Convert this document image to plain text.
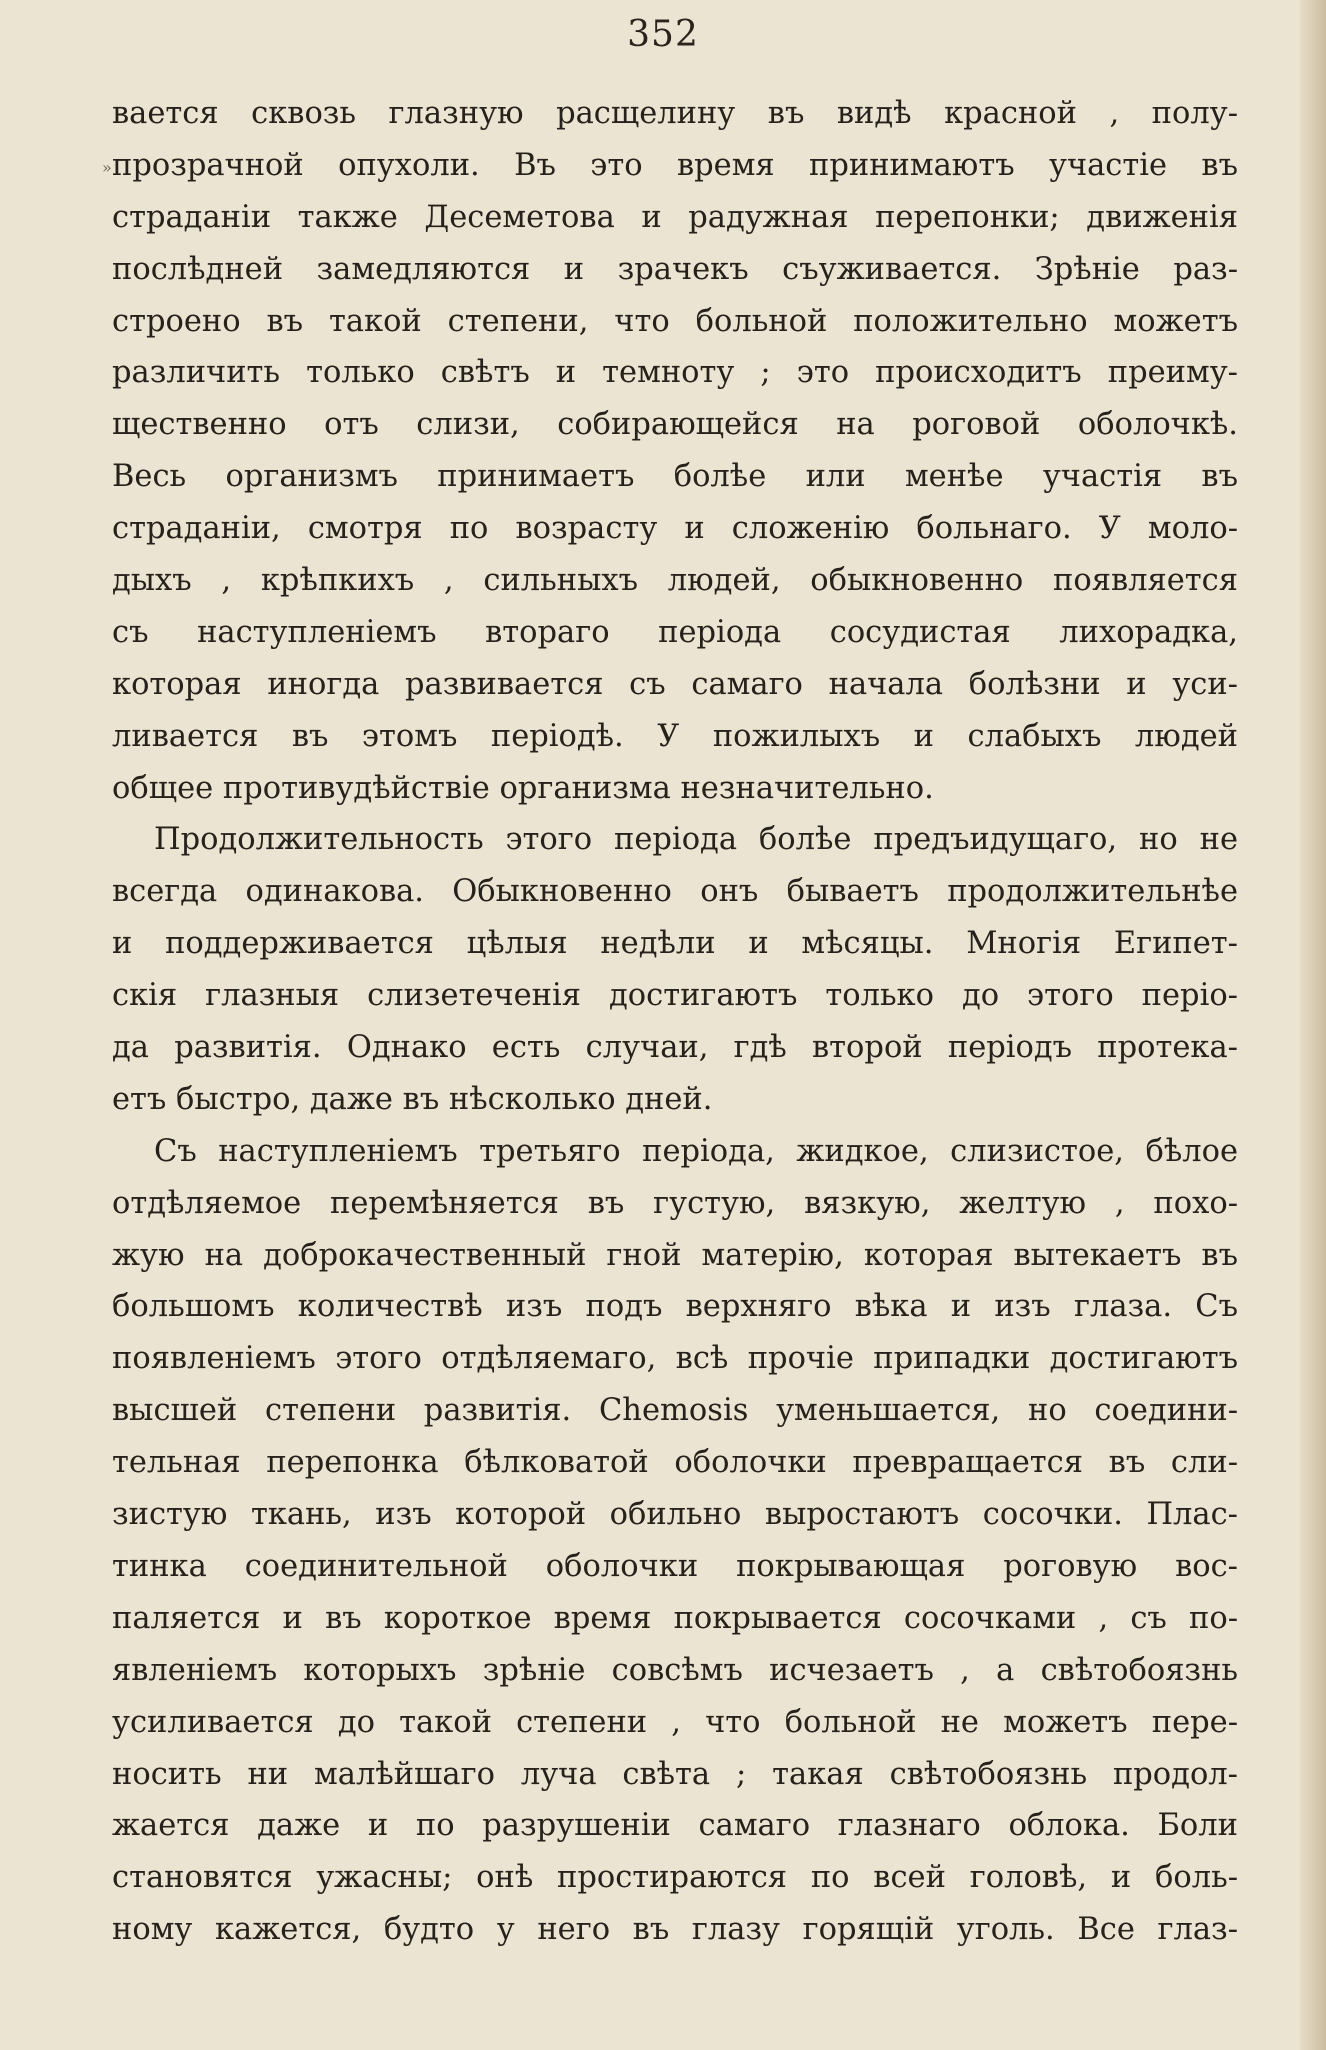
352
»
вается сквозь глазную расщелину въ видѣ красной , полу-
прозрачной опухоли. Въ это время принимаютъ участіе въ
страданіи также Десеметова и радужная перепонки; движенія
послѣдней замедляются и зрачекъ съуживается. Зрѣніе раз-
строено въ такой степени, что больной положительно можетъ
различить только свѣтъ и темноту ; это происходитъ преиму-
щественно отъ слизи, собирающейся на роговой оболочкѣ.
Весь организмъ принимаетъ болѣе или менѣе участія въ
страданіи, смотря по возрасту и сложенію больнаго. У моло-
дыхъ , крѣпкихъ , сильныхъ людей, обыкновенно появляется
съ наступленіемъ втораго періода сосудистая лихорадка,
которая иногда развивается съ самаго начала болѣзни и уси-
ливается въ этомъ періодѣ. У пожилыхъ и слабыхъ людей
общее противудѣйствіе организма незначительно.
Продолжительность этого періода болѣе предъидущаго, но не
всегда одинакова. Обыкновенно онъ бываетъ продолжительнѣе
и поддерживается цѣлыя недѣли и мѣсяцы. Многія Египет-
скія глазныя слизетеченія достигаютъ только до этого періо-
да развитія. Однако есть случаи, гдѣ второй періодъ протека-
етъ быстро, даже въ нѣсколько дней.
Съ наступленіемъ третьяго періода, жидкое, слизистое, бѣлое
отдѣляемое перемѣняется въ густую, вязкую, желтую , похо-
жую на доброкачественный гной матерію, которая вытекаетъ въ
большомъ количествѣ изъ подъ верхняго вѣка и изъ глаза. Съ
появленіемъ этого отдѣляемаго, всѣ прочіе припадки достигаютъ
высшей степени развитія. Chemosis уменьшается, но соедини-
тельная перепонка бѣлковатой оболочки превращается въ сли-
зистую ткань, изъ которой обильно выростаютъ сосочки. Плас-
тинка соединительной оболочки покрывающая роговую вос-
паляется и въ короткое время покрывается сосочками , съ по-
явленіемъ которыхъ зрѣніе совсѣмъ исчезаетъ , а свѣтобоязнь
усиливается до такой степени , что больной не можетъ пере-
носить ни малѣйшаго луча свѣта ; такая свѣтобоязнь продол-
жается даже и по разрушеніи самаго глазнаго облока. Боли
становятся ужасны; онѣ простираются по всей головѣ, и боль-
ному кажется, будто у него въ глазу горящій уголь. Все глаз-
